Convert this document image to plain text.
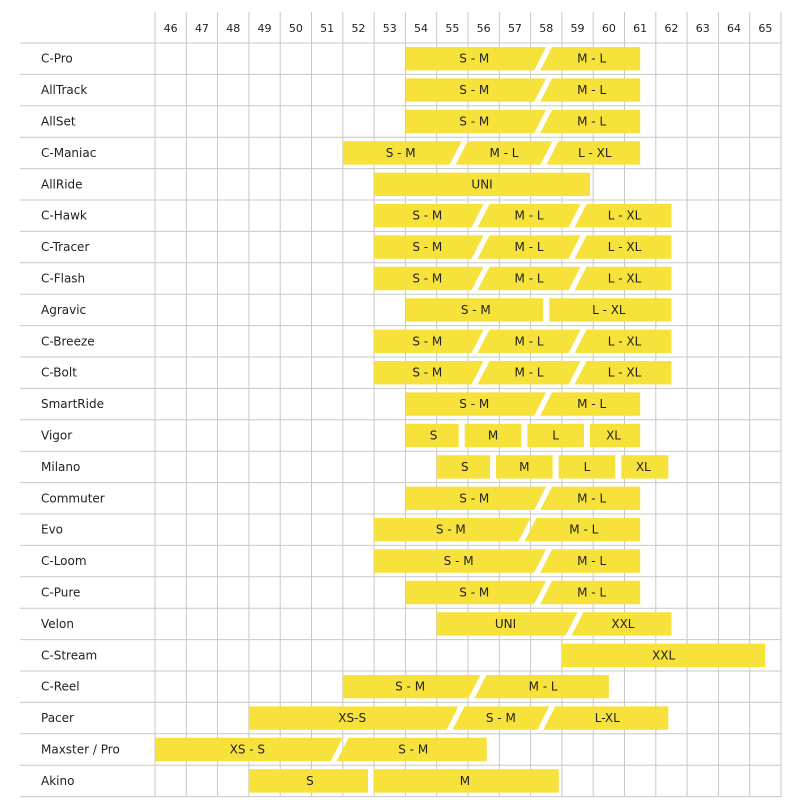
46 47 48 49 50 51 52 53 54 55 56 57 58 59 60 61 62 63 64 65
C-Pro	S - M	M - L
AllTrack	S - M	M - L
AllSet	S - M	M - L
C-Maniac	S - M	M - L	L - XL
AllRide	UNI
C-Hawk	S - M	M - L	L - XL
C-Tracer	S - M	M - L	L - XL
C-Flash	S - M	M - L	L - XL
Agravic	S - M	L - XL
C-Breeze	S - M	M - L	L - XL
C-Bolt	S - M	M - L	L - XL
SmartRide	S - M	M - L
Vigor	S	M	L	XL
Milano	S	M	L	XL
Commuter	S - M	M - L
Evo	S - M	M - L
C-Loom	S - M	M - L
C-Pure	S - M	M - L
Velon	UNI	XXL
C-Stream	XXL
C-Reel	S - M	M - L
Pacer	XS-S	S - M	L-XL
Maxster / Pro	XS - S	S - M
Akino	S	M
